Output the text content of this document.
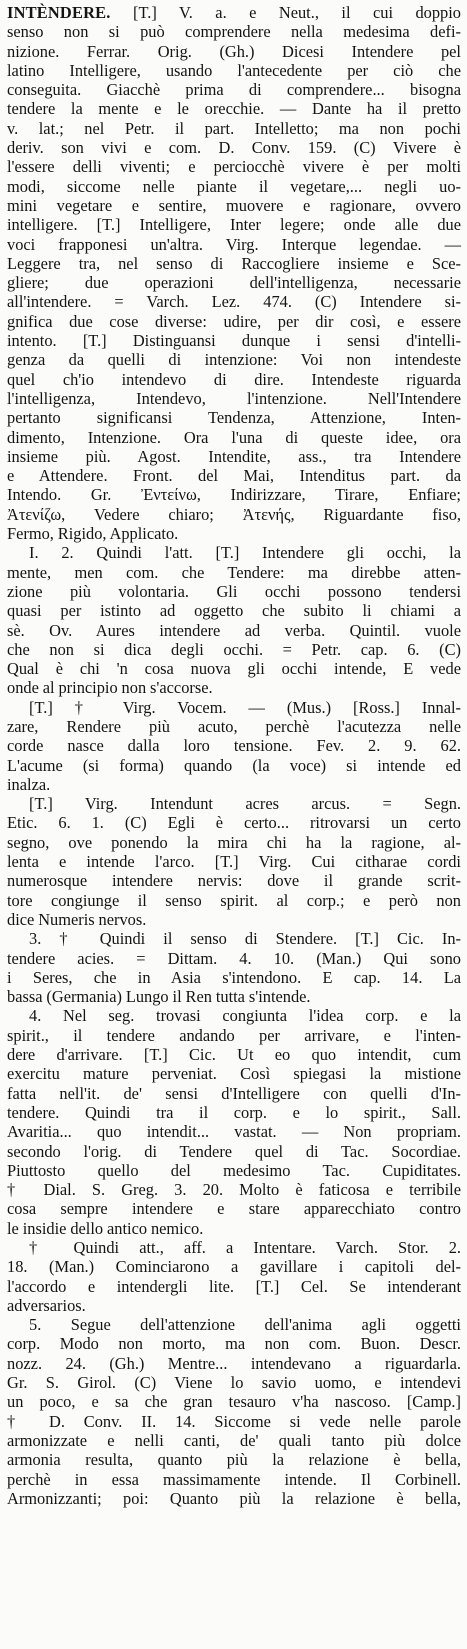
INTÈNDERE. [T.] V. a. e Neut., il cui doppio

senso non si può comprendere nella medesima defi-

nizione. Ferrar. Orig. (Gh.) Dicesi Intendere pel

latino Intelligere, usando l'antecedente per ciò che

conseguita. Giacchè prima di comprendere... bisogna

tendere la mente e le orecchie. — Dante ha il pretto

v. lat.; nel Petr. il part. Intelletto; ma non pochi

deriv. son vivi e com. D. Conv. 159. (C) Vivere è

l'essere delli viventi; e perciocchè vivere è per molti

modi, siccome nelle piante il vegetare,... negli uo-

mini vegetare e sentire, muovere e ragionare, ovvero

intelligere. [T.] Intelligere, Inter legere; onde alle due

voci frapponesi un'altra. Virg. Interque legendae. —

Leggere tra, nel senso di Raccogliere insieme e Sce-

gliere; due operazioni dell'intelligenza, necessarie

all'intendere. = Varch. Lez. 474. (C) Intendere si-

gnifica due cose diverse: udire, per dir così, e essere

intento. [T.] Distinguansi dunque i sensi d'intelli-

genza da quelli di intenzione: Voi non intendeste

quel ch'io intendevo di dire. Intendeste riguarda

l'intelligenza, Intendevo, l'intenzione. Nell'Intendere

pertanto significansi Tendenza, Attenzione, Inten-

dimento, Intenzione. Ora l'una di queste idee, ora

insieme più. Agost. Intendite, ass., tra Intendere

e Attendere. Front. del Mai, Intenditus part. da

Intendo. Gr. Ἐντείνω, Indirizzare, Tirare, Enfiare;

Ἀτενίζω, Vedere chiaro; Ἀτενής, Riguardante fiso,

Fermo, Rigido, Applicato.

I. 2. Quindi l'att. [T.] Intendere gli occhi, la

mente, men com. che Tendere: ma direbbe atten-

zione più volontaria. Gli occhi possono tendersi

quasi per istinto ad oggetto che subito li chiami a

sè. Ov. Aures intendere ad verba. Quintil. vuole

che non si dica degli occhi. = Petr. cap. 6. (C)

Qual è chi 'n cosa nuova gli occhi intende, E vede

onde al principio non s'accorse.

[T.] † Virg. Vocem. — (Mus.) [Ross.] Innal-

zare, Rendere più acuto, perchè l'acutezza nelle

corde nasce dalla loro tensione. Fev. 2. 9. 62.

L'acume (si forma) quando (la voce) si intende ed

inalza.

[T.] Virg. Intendunt acres arcus. = Segn.

Etic. 6. 1. (C) Egli è certo... ritrovarsi un certo

segno, ove ponendo la mira chi ha la ragione, al-

lenta e intende l'arco. [T.] Virg. Cui citharae cordi

numerosque intendere nervis: dove il grande scrit-

tore congiunge il senso spirit. al corp.; e però non

dice Numeris nervos.

3. † Quindi il senso di Stendere. [T.] Cic. In-

tendere acies. = Dittam. 4. 10. (Man.) Qui sono

i Seres, che in Asia s'intendono. E cap. 14. La

bassa (Germania) Lungo il Ren tutta s'intende.

4. Nel seg. trovasi congiunta l'idea corp. e la

spirit., il tendere andando per arrivare, e l'inten-

dere d'arrivare. [T.] Cic. Ut eo quo intendit, cum

exercitu mature perveniat. Così spiegasi la mistione

fatta nell'it. de' sensi d'Intelligere con quelli d'In-

tendere. Quindi tra il corp. e lo spirit., Sall.

Avaritia... quo intendit... vastat. — Non propriam.

secondo l'orig. di Tendere quel di Tac. Socordiae.

Piuttosto quello del medesimo Tac. Cupiditates.

† Dial. S. Greg. 3. 20. Molto è faticosa e terribile

cosa sempre intendere e stare apparecchiato contro

le insidie dello antico nemico.

† Quindi att., aff. a Intentare. Varch. Stor. 2.

18. (Man.) Cominciarono a gavillare i capitoli del-

l'accordo e intendergli lite. [T.] Cel. Se intenderant

adversarios.

5. Segue dell'attenzione dell'anima agli oggetti

corp. Modo non morto, ma non com. Buon. Descr.

nozz. 24. (Gh.) Mentre... intendevano a riguardarla.

Gr. S. Girol. (C) Viene lo savio uomo, e intendevi

un poco, e sa che gran tesauro v'ha nascoso. [Camp.]

† D. Conv. II. 14. Siccome si vede nelle parole

armonizzate e nelli canti, de' quali tanto più dolce

armonia resulta, quanto più la relazione è bella,

perchè in essa massimamente intende. Il Corbinell.

Armonizzanti; poi: Quanto più la relazione è bella,
